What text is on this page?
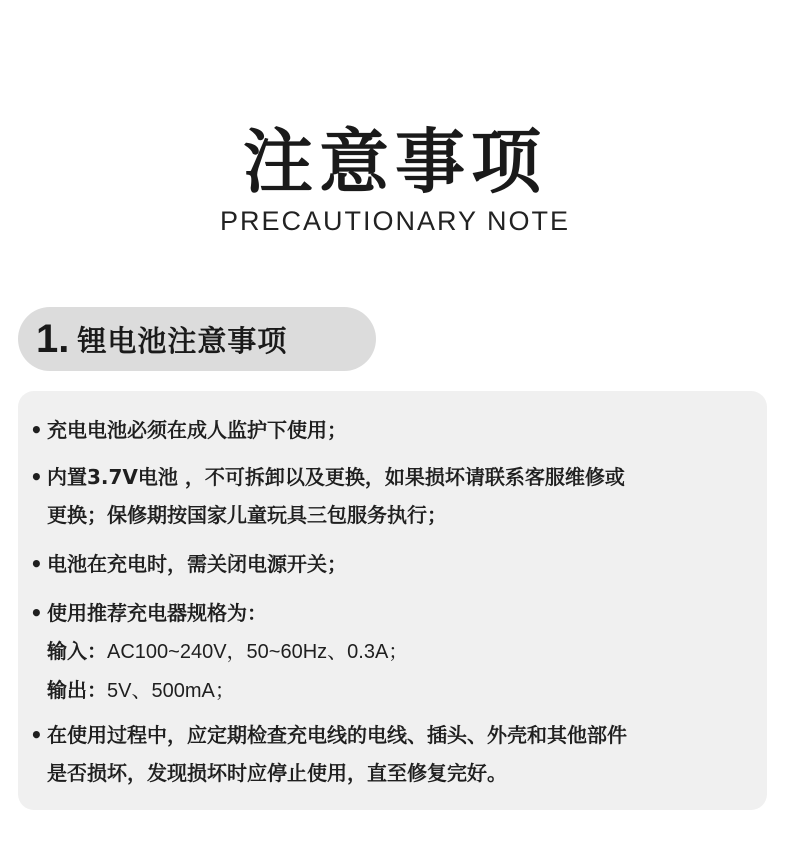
注意事项
PRECAUTIONARY NOTE
1. 锂电池注意事项
• 充电电池必须在成人监护下使用；
• 内置3.7V电池 ，不可拆卸以及更换，如果损坏请联系客服维修或
更换；保修期按国家儿童玩具三包服务执行；
• 电池在充电时，需关闭电源开关；
• 使用推荐充电器规格为：
输入：AC100~240V，50~60Hz、0.3A；
输出：5V、500mA；
• 在使用过程中，应定期检查充电线的电线、插头、外壳和其他部件
是否损坏，发现损坏时应停止使用，直至修复完好。
